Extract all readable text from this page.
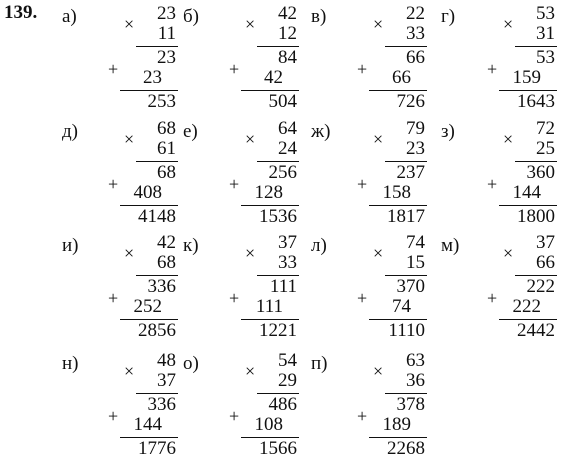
139. а)	23
11
23
23
253
×
+
б)	42
12
84
42
504
×
+
в)	22
33
66
66
726
×
+
г)	53
31
53
159
1643
×
+
д)	68
61
68
408
4148
×
+
е)	64
24
256
128
1536
×
+
ж)	79
23
237
158
1817
×
+
з)	72
25
360
144
1800
×
+
и)	42
68
336
252
2856
×
+
к)	37
33
111
111
1221
×
+
л)	74
15
370
74
1110
×
+
м)	37
66
222
222
2442
×
+
н)	48
37
336
144
1776
×
+
о)	54
29
486
108
1566
×
+
п)	63
36
378
189
2268
×
+
